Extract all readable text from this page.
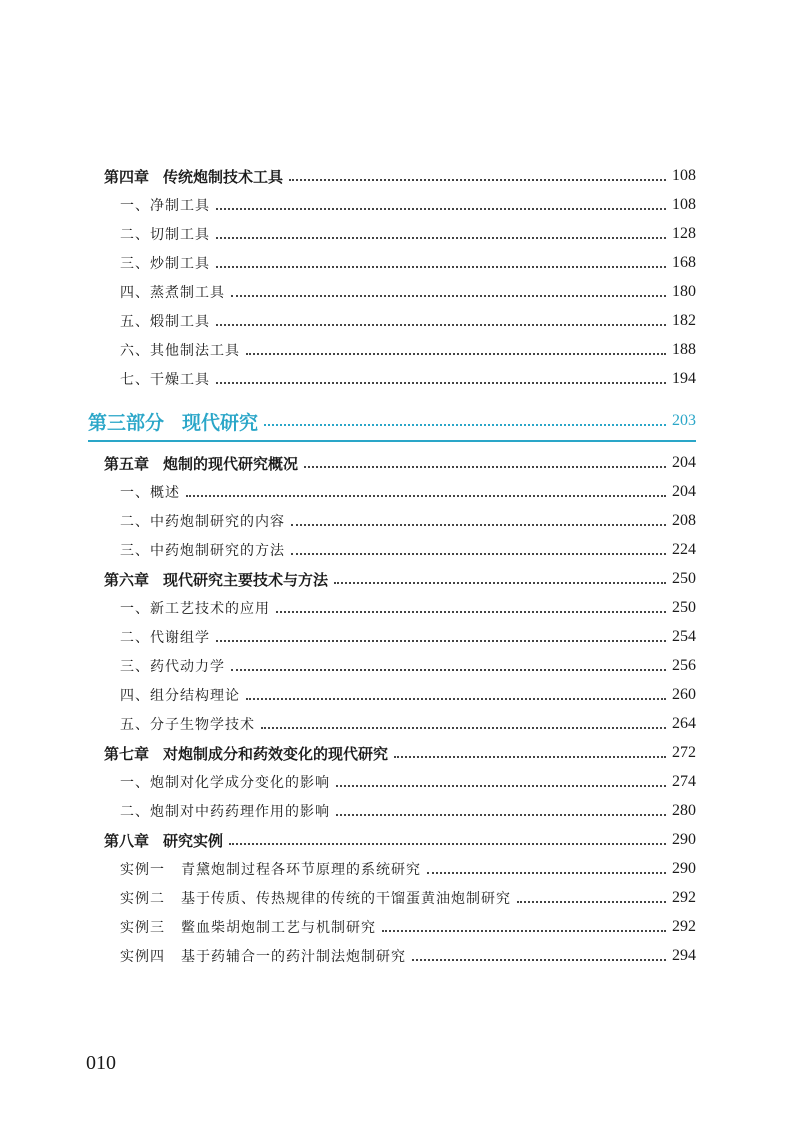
第四章 传统炮制技术工具	108
一、净制工具	108
二、切制工具	128
三、炒制工具	168
四、蒸煮制工具	180
五、煅制工具	182
六、其他制法工具	188
七、干燥工具	194
第三部分 现代研究	203
第五章 炮制的现代研究概况	204
一、概述	204
二、中药炮制研究的内容	208
三、中药炮制研究的方法	224
第六章 现代研究主要技术与方法	250
一、新工艺技术的应用	250
二、代谢组学	254
三、药代动力学	256
四、组分结构理论	260
五、分子生物学技术	264
第七章 对炮制成分和药效变化的现代研究	272
一、炮制对化学成分变化的影响	274
二、炮制对中药药理作用的影响	280
第八章 研究实例	290
实例一 青黛炮制过程各环节原理的系统研究	290
实例二 基于传质、传热规律的传统的干馏蛋黄油炮制研究	292
实例三 鳖血柴胡炮制工艺与机制研究	292
实例四 基于药辅合一的药汁制法炮制研究	294
010
